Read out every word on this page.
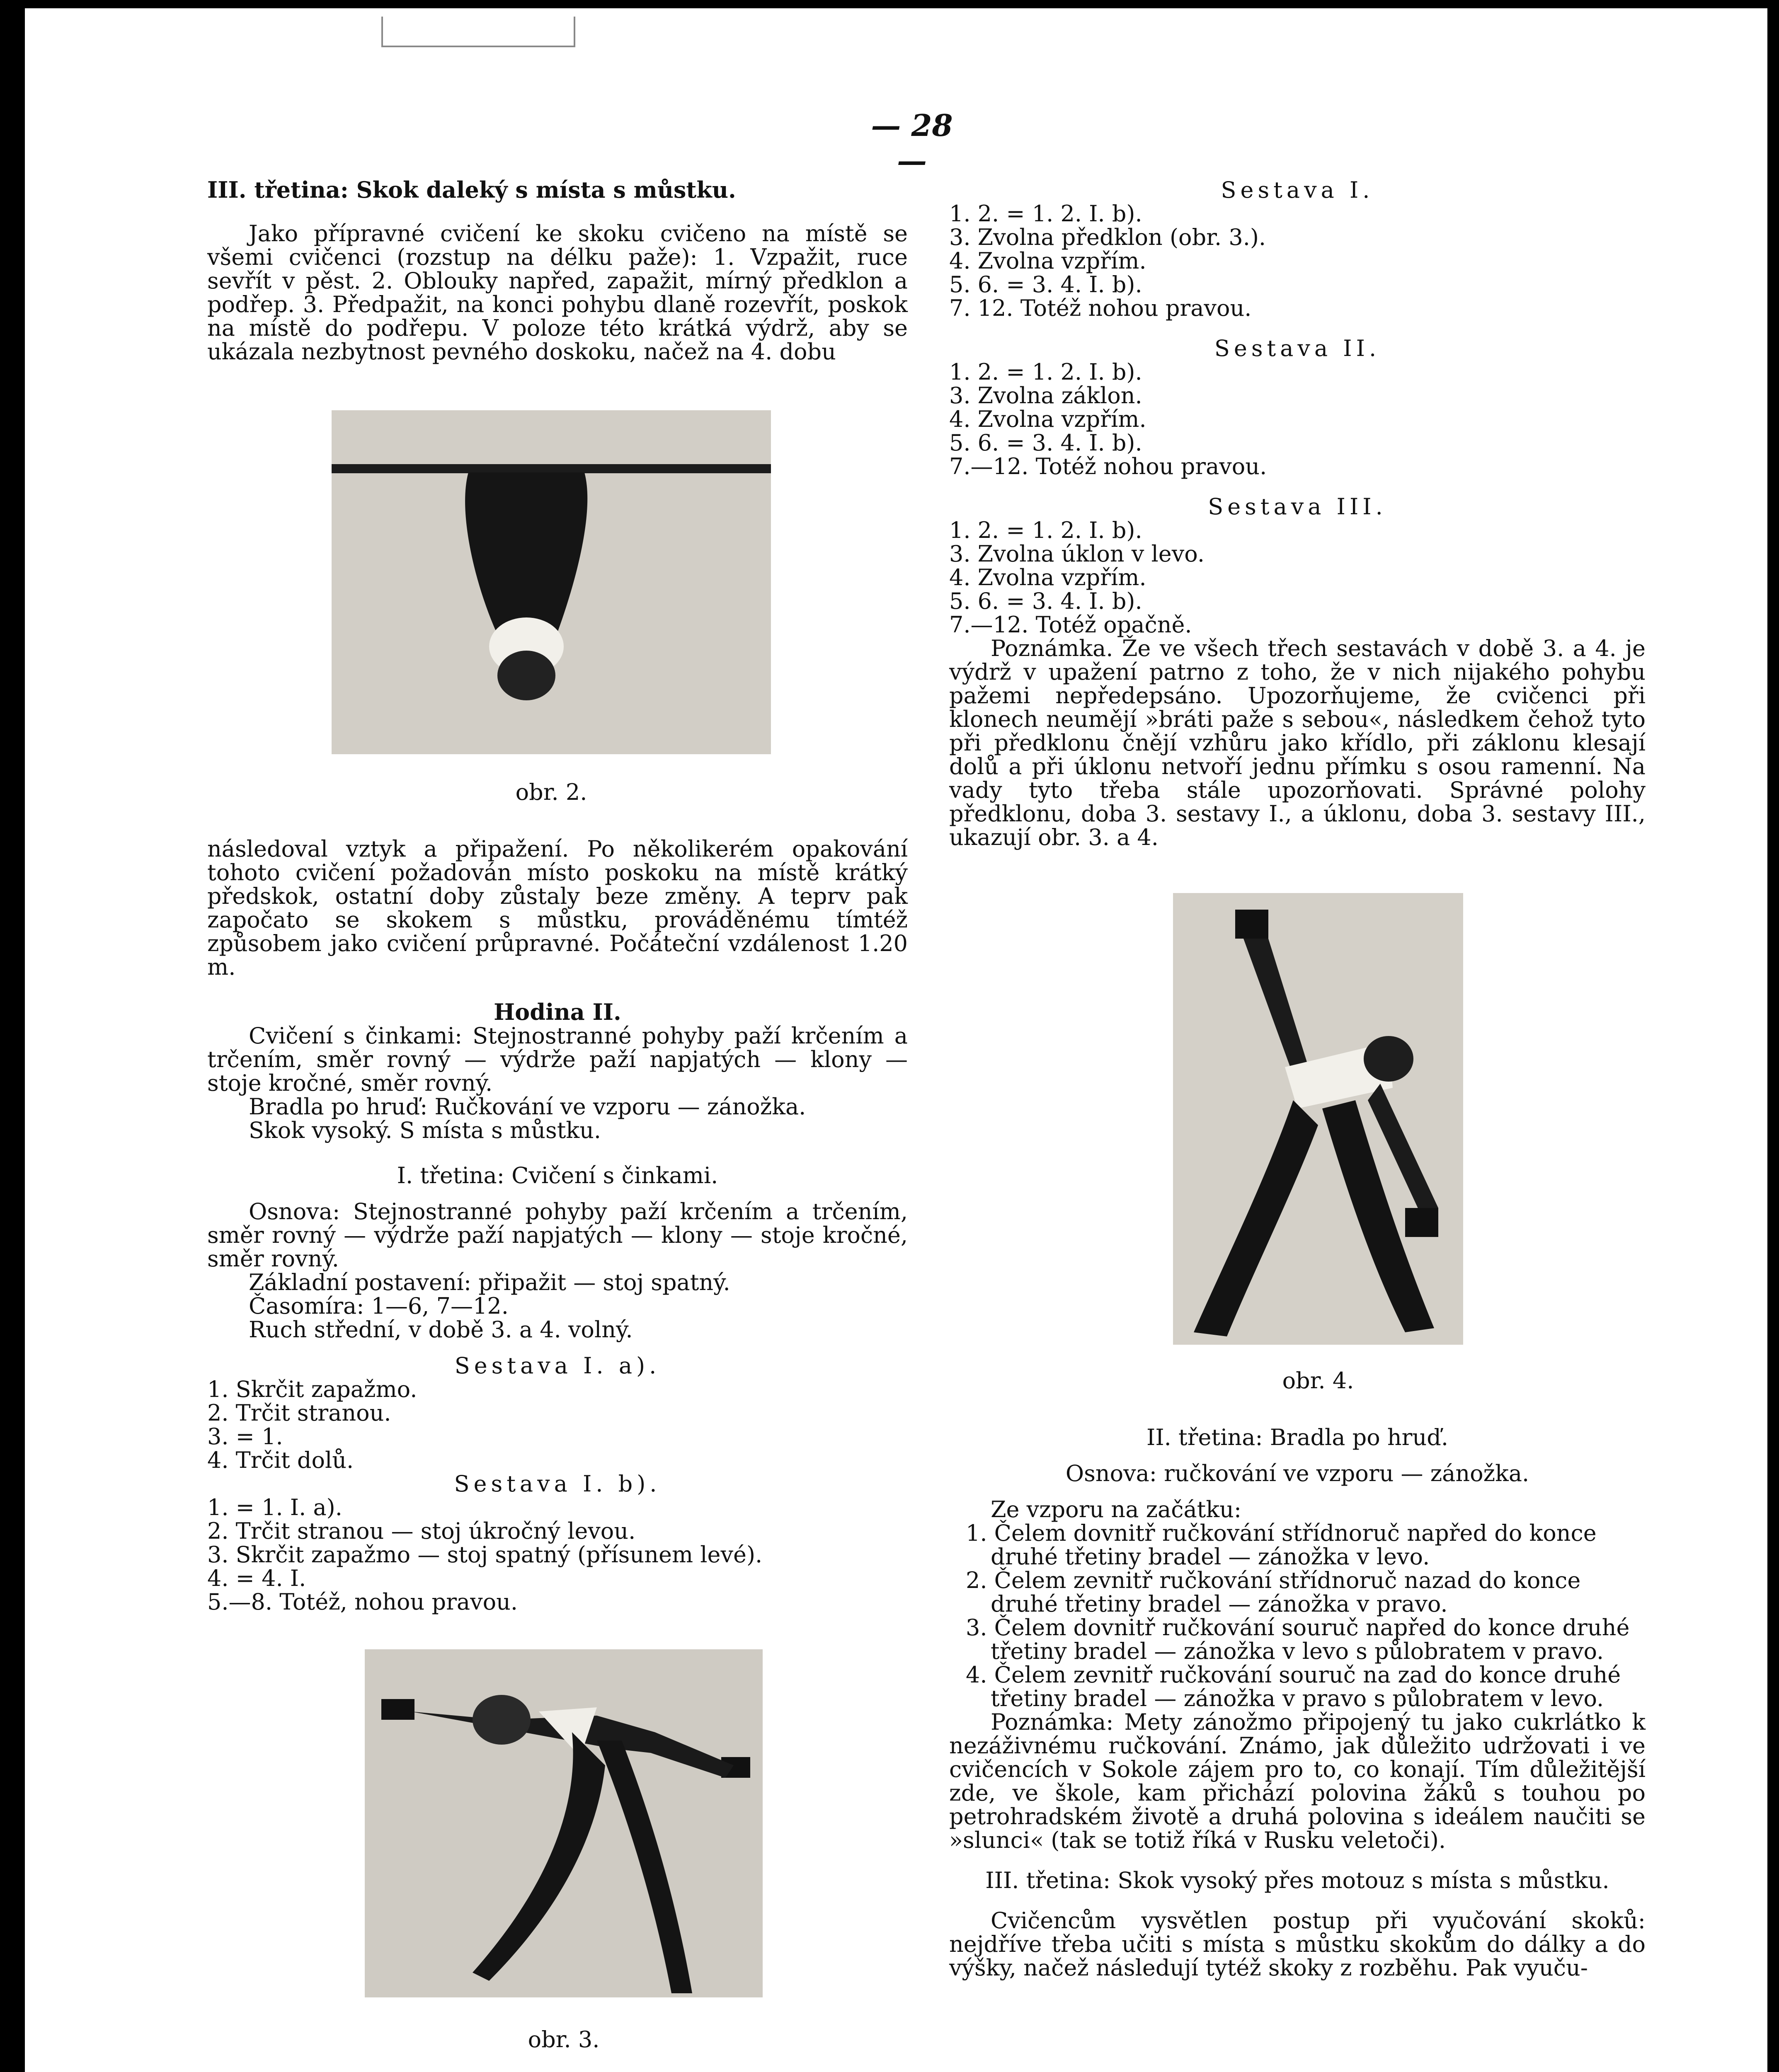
— 28 —

III. třetina: Skok daleký s místa s můstku.

Jako přípravné cvičení ke skoku cvičeno na místě se všemi cvičenci (rozstup na délku paže): 1. Vzpažit, ruce sevřít v pěst. 2. Oblouky napřed, zapažit, mírný předklon a podřep. 3. Předpažit, na konci pohybu dlaně rozevřít, poskok na místě do podřepu. V poloze této krátká výdrž, aby se ukázala nezbytnost pevného doskoku, načež na 4. dobu

obr. 2.

následoval vztyk a připažení. Po několikerém opakování tohoto cvičení požadován místo poskoku na místě krátký předskok, ostatní doby zůstaly beze změny. A teprv pak započato se skokem s můstku, prováděnému tímtéž způsobem jako cvičení průpravné. Počáteční vzdálenost 1.20 m.

Hodina II.

Cvičení s činkami: Stejnostranné pohyby paží krčením a trčením, směr rovný — výdrže paží napjatých — klony — stoje kročné, směr rovný.

Bradla po hruď: Ručkování ve vzporu — zánožka.

Skok vysoký. S místa s můstku.

I. třetina: Cvičení s činkami.

Osnova: Stejnostranné pohyby paží krčením a trčením, směr rovný — výdrže paží napjatých — klony — stoje kročné, směr rovný.

Základní postavení: připažit — stoj spatný.

Časomíra: 1—6, 7—12.

Ruch střední, v době 3. a 4. volný.

Sestava I. a).

1. Skrčit zapažmo.

2. Trčit stranou.

3. = 1.

4. Trčit dolů.

Sestava I. b).

1. = 1. I. a).

2. Trčit stranou — stoj úkročný levou.

3. Skrčit zapažmo — stoj spatný (přísunem levé).

4. = 4. I.

5.—8. Totéž, nohou pravou.

obr. 3.

Sestava I.

1. 2. = 1. 2. I. b).

3. Zvolna předklon (obr. 3.).

4. Zvolna vzpřím.

5. 6. = 3. 4. I. b).

7. 12. Totéž nohou pravou.

Sestava II.

1. 2. = 1. 2. I. b).

3. Zvolna záklon.

4. Zvolna vzpřím.

5. 6. = 3. 4. I. b).

7.—12. Totéž nohou pravou.

Sestava III.

1. 2. = 1. 2. I. b).

3. Zvolna úklon v levo.

4. Zvolna vzpřím.

5. 6. = 3. 4. I. b).

7.—12. Totéž opačně.

Poznámka. Že ve všech třech sestavách v době 3. a 4. je výdrž v upažení patrno z toho, že v nich nijakého pohybu pažemi nepředepsáno. Upozorňujeme, že cvičenci při klonech neumějí »bráti paže s sebou«, následkem čehož tyto při předklonu čnějí vzhůru jako křídlo, při záklonu klesají dolů a při úklonu netvoří jednu přímku s osou ramenní. Na vady tyto třeba stále upozorňovati. Správné polohy předklonu, doba 3. sestavy I., a úklonu, doba 3. sestavy III., ukazují obr. 3. a 4.

obr. 4.

II. třetina: Bradla po hruď.

Osnova: ručkování ve vzporu — zánožka.

Ze vzporu na začátku:

1. Čelem dovnitř ručkování střídnoruč napřed do konce druhé třetiny bradel — zánožka v levo.

2. Čelem zevnitř ručkování střídnoruč nazad do konce druhé třetiny bradel — zánožka v pravo.

3. Čelem dovnitř ručkování souruč napřed do konce druhé třetiny bradel — zánožka v levo s půlobratem v pravo.

4. Čelem zevnitř ručkování souruč na zad do konce druhé třetiny bradel — zánožka v pravo s půlobratem v levo.

Poznámka: Mety zánožmo připojený tu jako cukrlátko k nezáživnému ručkování. Známo, jak důležito udržovati i ve cvičencích v Sokole zájem pro to, co konají. Tím důležitější zde, ve škole, kam přichází polovina žáků s touhou po petrohradském životě a druhá polovina s ideálem naučiti se »slunci« (tak se totiž říká v Rusku veletoči).

III. třetina: Skok vysoký přes motouz s místa s můstku.

Cvičencům vysvětlen postup při vyučování skoků: nejdříve třeba učiti s místa s můstku skokům do dálky a do výšky, načež následují tytéž skoky z rozběhu. Pak vyuču-
